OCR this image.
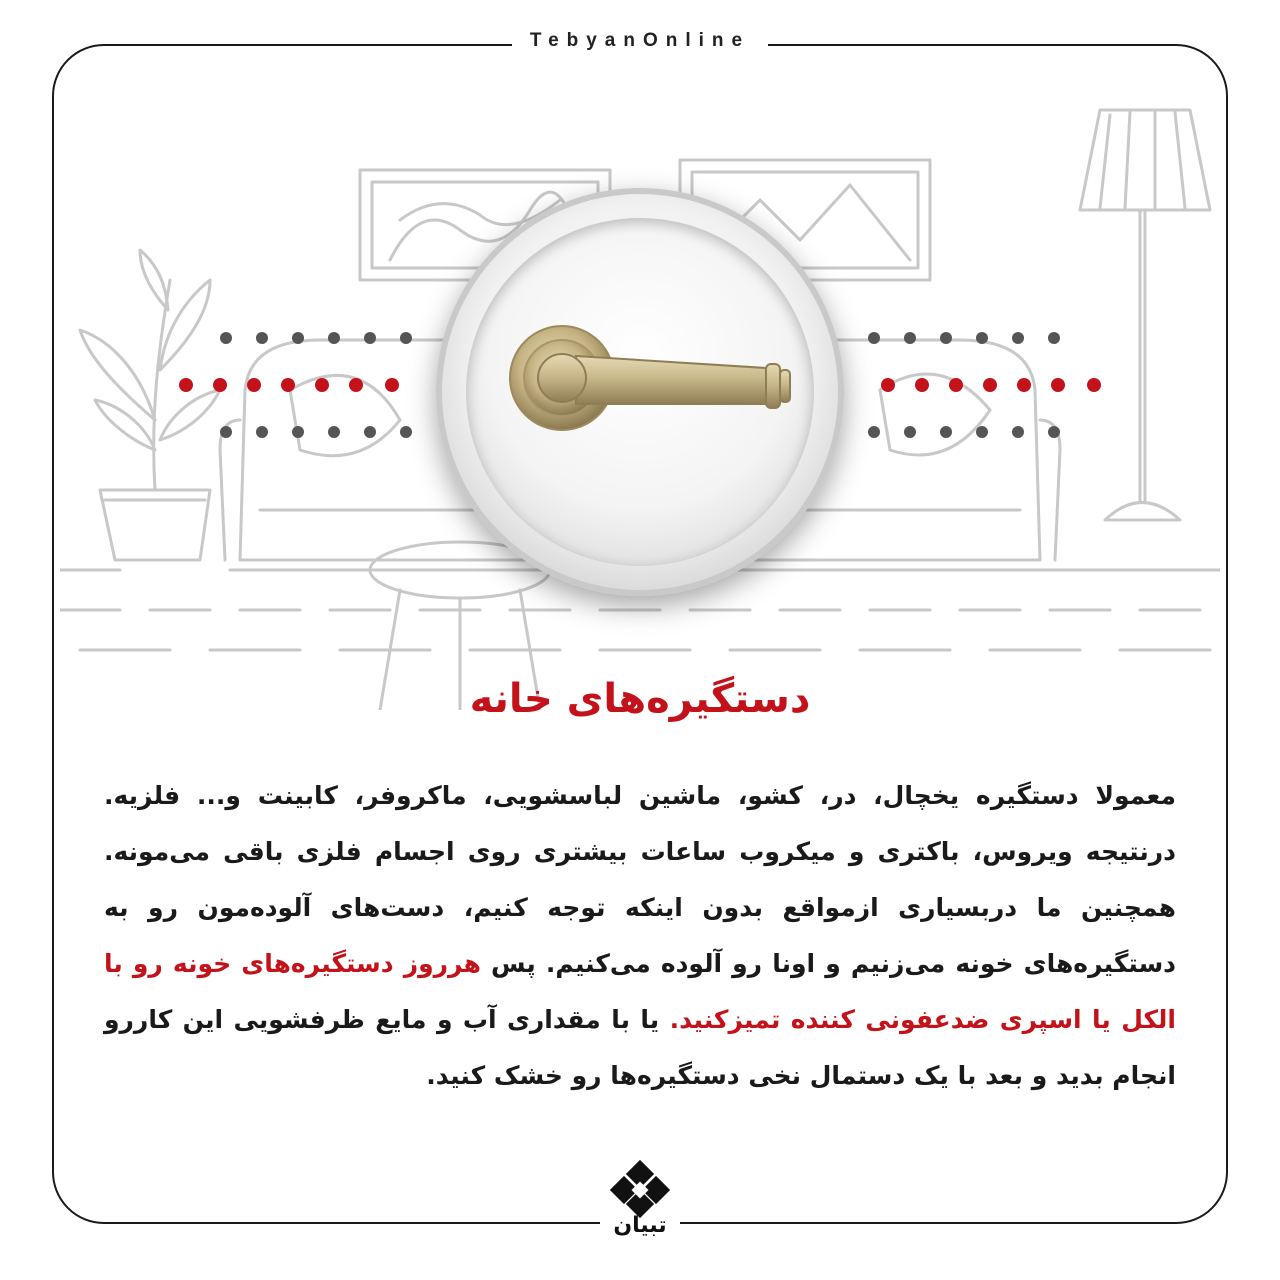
TebyanOnline
دستگیره‌های خانه
معمولا دستگیره یخچال، در، کشو، ماشین لباسشویی، ماکروفر، کابینت و... فلزیه. درنتیجه ویروس، باکتری و میکروب ساعات بیشتری روی اجسام فلزی باقی می‌مونه. همچنین ما دربسیاری ازمواقع بدون اینکه توجه کنیم، دست‌های آلوده‌مون رو به دستگیره‌های خونه می‌زنیم و اونا رو آلوده می‌کنیم. پس هرروز دستگیره‌های خونه رو با الکل یا اسپری ضدعفونی کننده تمیزکنید. یا با مقداری آب و مایع ظرفشویی این کاررو انجام بدید و بعد با یک دستمال نخی دستگیره‌ها رو خشک کنید.
تبیان
